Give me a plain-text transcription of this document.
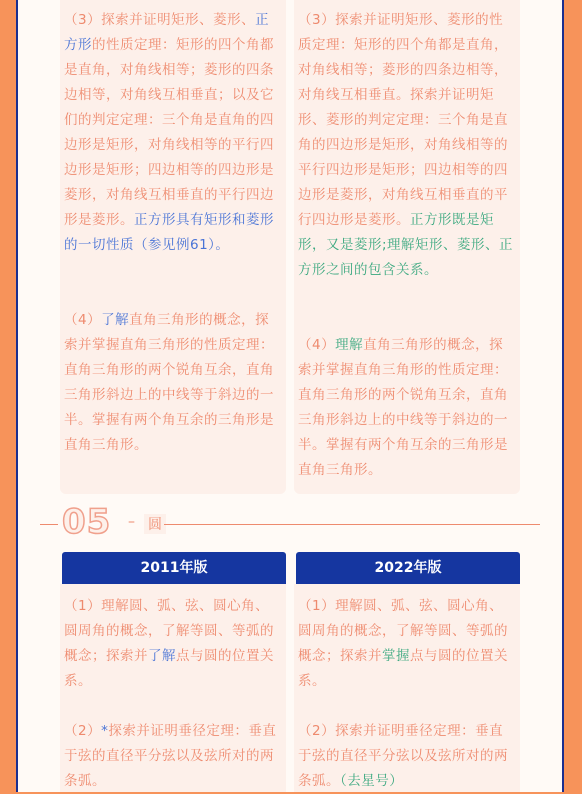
（3）探索并证明矩形、菱形、正方形的性质定理：矩形的四个角都是直角，对角线相等；菱形的四条边相等，对角线互相垂直；以及它们的判定定理：三个角是直角的四边形是矩形，对角线相等的平行四边形是矩形；四边相等的四边形是菱形，对角线互相垂直的平行四边形是菱形。正方形具有矩形和菱形的一切性质（参见例61）。

（4）了解直角三角形的概念，探索并掌握直角三角形的性质定理：直角三角形的两个锐角互余，直角三角形斜边上的中线等于斜边的一半。掌握有两个角互余的三角形是直角三角形。

（3）探索并证明矩形、菱形的性质定理：矩形的四个角都是直角，对角线相等；菱形的四条边相等，对角线互相垂直。探索并证明矩形、菱形的判定定理：三个角是直角的四边形是矩形，对角线相等的平行四边形是矩形；四边相等的四边形是菱形，对角线互相垂直的平行四边形是菱形。正方形既是矩形，又是菱形;理解矩形、菱形、正方形之间的包含关系。

（4）理解直角三角形的概念，探索并掌握直角三角形的性质定理：直角三角形的两个锐角互余，直角三角形斜边上的中线等于斜边的一半。掌握有两个角互余的三角形是直角三角形。

05 – 圆
2011年版	2022年版

（1）理解圆、弧、弦、圆心角、圆周角的概念，了解等圆、等弧的概念；探索并了解点与圆的位置关系。

（2）*探索并证明垂径定理：垂直于弦的直径平分弦以及弦所对的两条弧。

（1）理解圆、弧、弦、圆心角、圆周角的概念，了解等圆、等弧的概念；探索并掌握点与圆的位置关系。

（2）探索并证明垂径定理：垂直于弦的直径平分弦以及弦所对的两条弧。（去星号）
